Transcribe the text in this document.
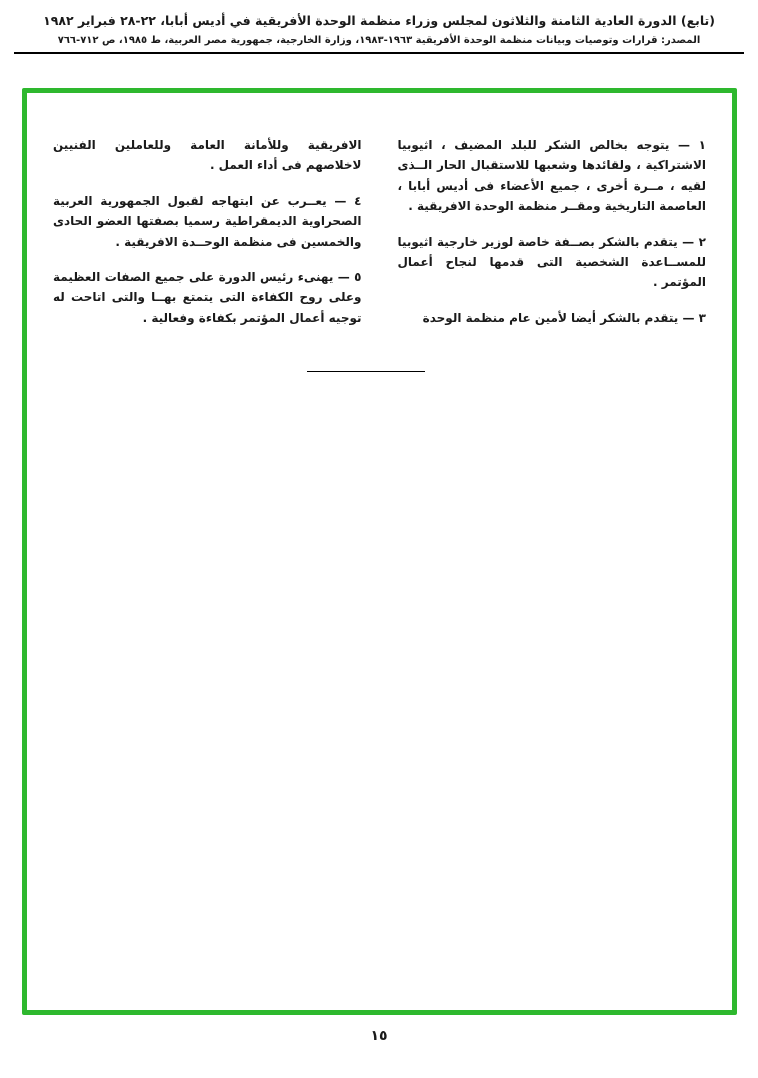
(تابع) الدورة العادية الثامنة والثلاثون لمجلس وزراء منظمة الوحدة الأفريقية في أديس أبابا، ٢٢-٢٨ فبراير ١٩٨٢
المصدر: قرارات وتوصيات وبيانات منظمة الوحدة الأفريقية ١٩٦٣-١٩٨٣، وزارة الخارجية، جمهورية مصر العربية، ط ١٩٨٥، ص ٧١٢-٧٦٦

١ — يتوجه بخالص الشكر للبلد المضيف ، اثيوبيا الاشتراكية ، ولقائدها وشعبها للاستقبال الحار الــذى لقيه ، مــرة أخرى ، جميع الأعضاء فى أديس أبابا ، العاصمة التاريخية ومقــر منظمة الوحدة الافريقية .

٢ — يتقدم بالشكر بصــفة خاصة لوزير خارجية اثيوبيا للمســاعدة الشخصية التى قدمها لنجاح أعمال المؤتمر .

٣ — يتقدم بالشكر أيضا لأمين عام منظمة الوحدة

الافريقية وللأمانة العامة وللعاملين الفنيين لاخلاصهم فى أداء العمل .

٤ — يعــرب عن ابتهاجه لقبول الجمهورية العربية الصحراوية الديمقراطية رسميا بصفتها العضو الحادى والخمسين فى منظمة الوحــدة الافريقية .

٥ — يهنىء رئيس الدورة على جميع الصفات العظيمة وعلى روح الكفاءة التى يتمتع بهــا والتى اتاحت له توجيه أعمال المؤتمر بكفاءة وفعالية .

١٥
